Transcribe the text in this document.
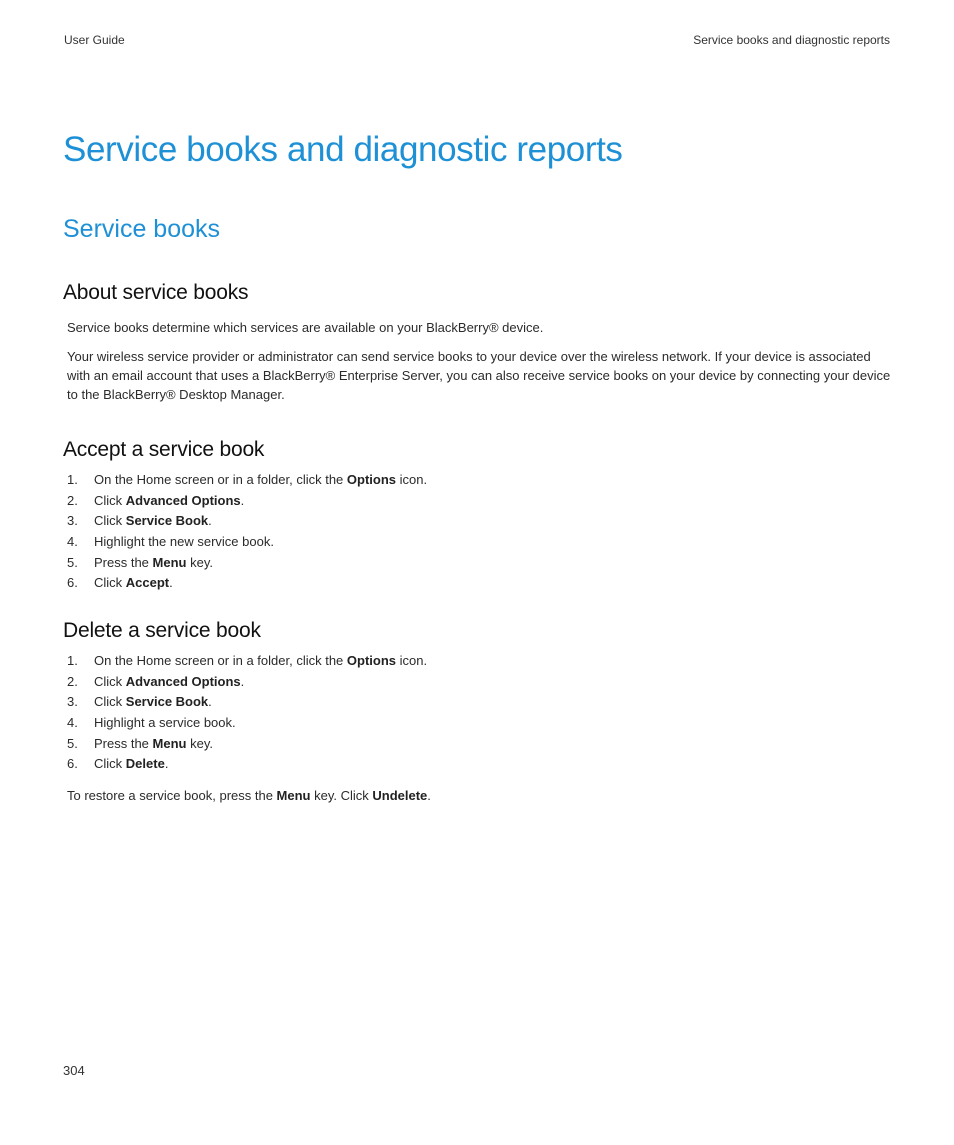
User Guide	Service books and diagnostic reports
Service books and diagnostic reports
Service books
About service books

Service books determine which services are available on your BlackBerry® device.

Your wireless service provider or administrator can send service books to your device over the wireless network. If your device is associated with an email account that uses a BlackBerry® Enterprise Server, you can also receive service books on your device by connecting your device to the BlackBerry® Desktop Manager.

Accept a service book
1. On the Home screen or in a folder, click the Options icon.
2. Click Advanced Options.
3. Click Service Book.
4. Highlight the new service book.
5. Press the Menu key.
6. Click Accept.
Delete a service book
1. On the Home screen or in a folder, click the Options icon.
2. Click Advanced Options.
3. Click Service Book.
4. Highlight a service book.
5. Press the Menu key.
6. Click Delete.

To restore a service book, press the Menu key. Click Undelete.

304
